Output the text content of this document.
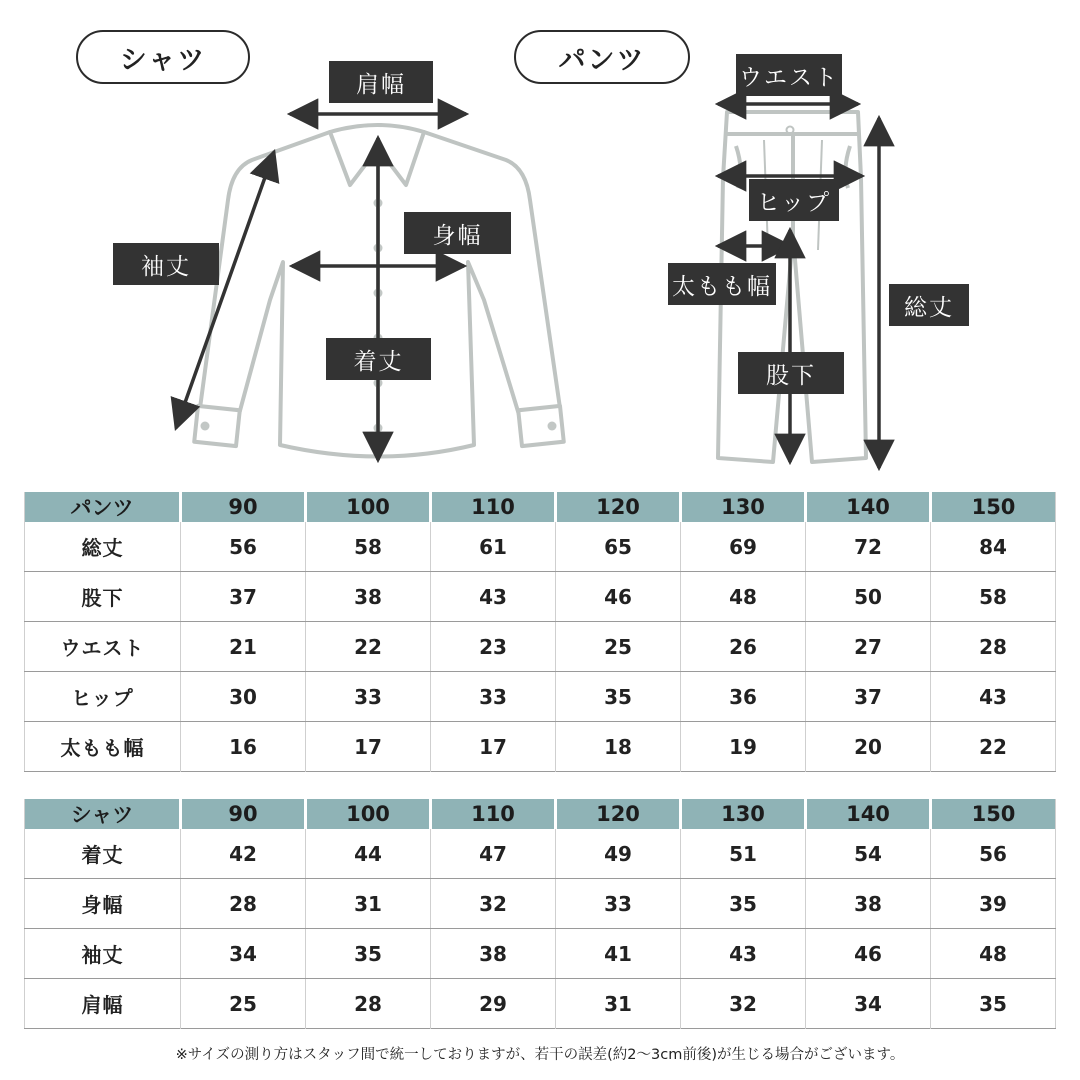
シャツ	パンツ
肩幅
身幅
袖丈
着丈
ウエスト
ヒップ
太もも幅
股下
総丈
パンツ	90	100	110	120	130	140	150
総丈	56	58	61	65	69	72	84
股下	37	38	43	46	48	50	58
ウエスト	21	22	23	25	26	27	28
ヒップ	30	33	33	35	36	37	43
太もも幅	16	17	17	18	19	20	22
シャツ	90	100	110	120	130	140	150
着丈	42	44	47	49	51	54	56
身幅	28	31	32	33	35	38	39
袖丈	34	35	38	41	43	46	48
肩幅	25	28	29	31	32	34	35
※サイズの測り方はスタッフ間で統一しておりますが、若干の誤差(約2〜3cm前後)が生じる場合がございます。
